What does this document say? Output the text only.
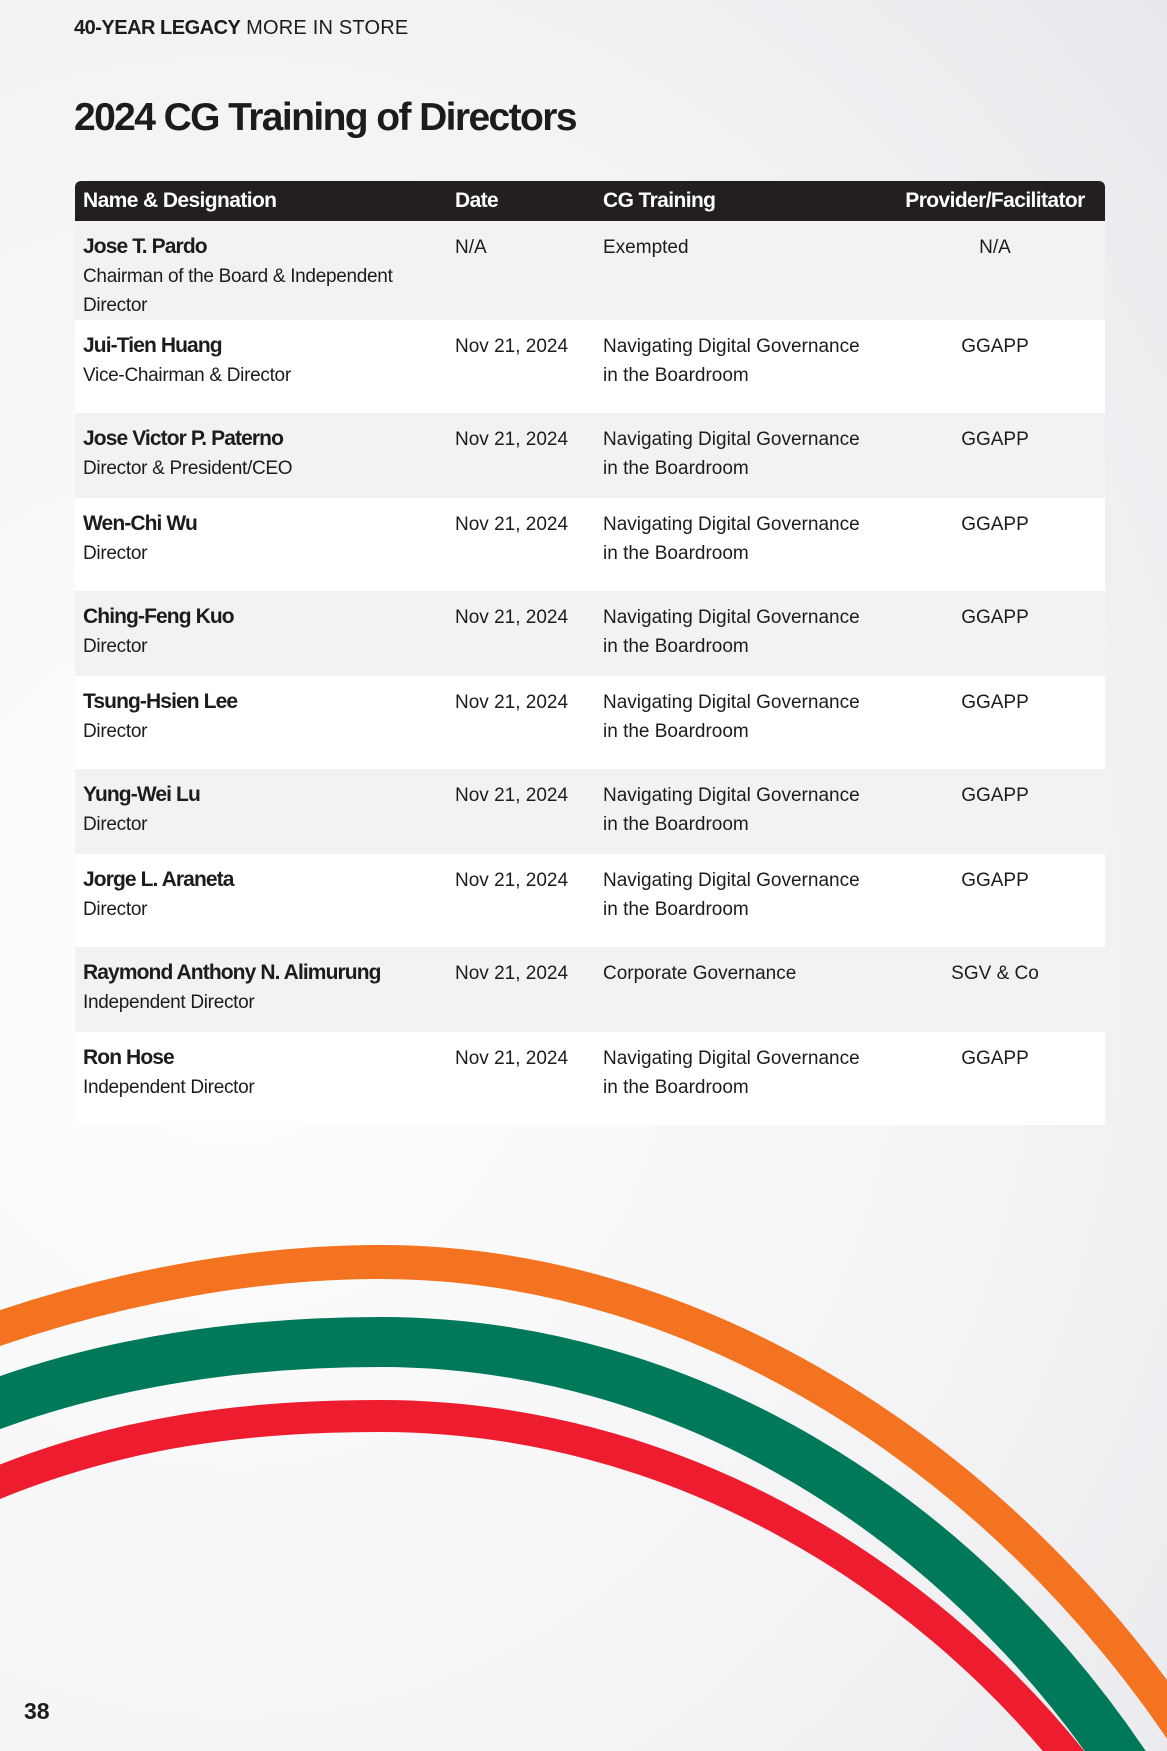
40-YEAR LEGACY MORE IN STORE
2024 CG Training of Directors
Name & Designation	Date	CG Training	Provider/Facilitator

Jose T. Pardo
Chairman of the Board & Independent Director	N/A	Exempted	N/A

Jui-Tien Huang
Vice-Chairman & Director	Nov 21, 2024	Navigating Digital Governance
in the Boardroom	GGAPP

Jose Victor P. Paterno
Director & President/CEO	Nov 21, 2024	Navigating Digital Governance
in the Boardroom	GGAPP

Wen-Chi Wu
Director	Nov 21, 2024	Navigating Digital Governance
in the Boardroom	GGAPP

Ching-Feng Kuo
Director	Nov 21, 2024	Navigating Digital Governance
in the Boardroom	GGAPP

Tsung-Hsien Lee
Director	Nov 21, 2024	Navigating Digital Governance
in the Boardroom	GGAPP

Yung-Wei Lu
Director	Nov 21, 2024	Navigating Digital Governance
in the Boardroom	GGAPP

Jorge L. Araneta
Director	Nov 21, 2024	Navigating Digital Governance
in the Boardroom	GGAPP

Raymond Anthony N. Alimurung
Independent Director	Nov 21, 2024	Corporate Governance	SGV & Co

Ron Hose
Independent Director	Nov 21, 2024	Navigating Digital Governance
in the Boardroom	GGAPP
38
